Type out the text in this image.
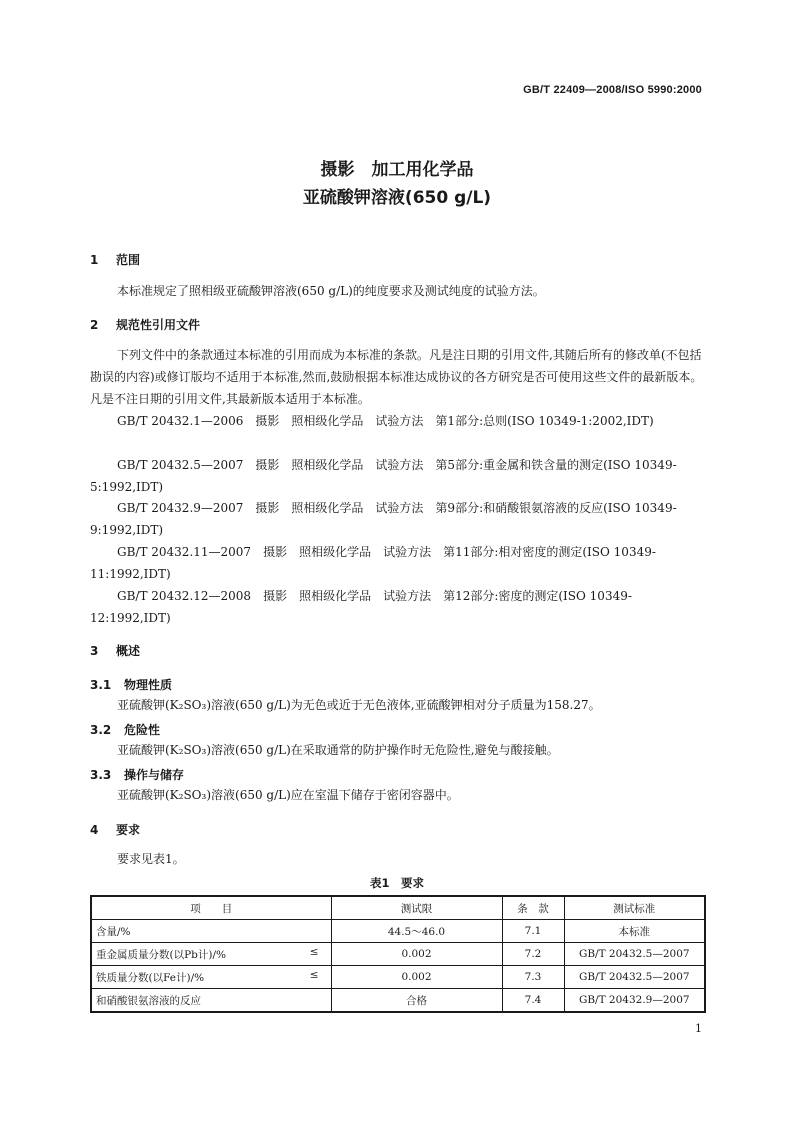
GB/T 22409—2008/ISO 5990:2000
摄影　加工用化学品
亚硫酸钾溶液(650 g/L)
1 范围
本标准规定了照相级亚硫酸钾溶液(650 g/L)的纯度要求及测试纯度的试验方法。
2 规范性引用文件
下列文件中的条款通过本标准的引用而成为本标准的条款。凡是注日期的引用文件,其随后所有的修改单(不包括勘误的内容)或修订版均不适用于本标准,然而,鼓励根据本标准达成协议的各方研究是否可使用这些文件的最新版本。凡是不注日期的引用文件,其最新版本适用于本标准。
GB/T 20432.1—2006　摄影　照相级化学品　试验方法　第1部分:总则(ISO 10349-1:2002,IDT)
GB/T 20432.5—2007　摄影　照相级化学品　试验方法　第5部分:重金属和铁含量的测定(ISO 10349-5:1992,IDT)
GB/T 20432.9—2007　摄影　照相级化学品　试验方法　第9部分:和硝酸银氨溶液的反应(ISO 10349-9:1992,IDT)
GB/T 20432.11—2007　摄影　照相级化学品　试验方法　第11部分:相对密度的测定(ISO 10349-11:1992,IDT)
GB/T 20432.12—2008　摄影　照相级化学品　试验方法　第12部分:密度的测定(ISO 10349-12:1992,IDT)
3 概述
3.1 物理性质
亚硫酸钾(K₂SO₃)溶液(650 g/L)为无色或近于无色液体,亚硫酸钾相对分子质量为158.27。
3.2 危险性
亚硫酸钾(K₂SO₃)溶液(650 g/L)在采取通常的防护操作时无危险性,避免与酸接触。
3.3 操作与储存
亚硫酸钾(K₂SO₃)溶液(650 g/L)应在室温下储存于密闭容器中。
4 要求
要求见表1。
表1　要求
项　　目	测试限	条　款	测试标准
含量/%	44.5～46.0	7.1	本标准
重金属质量分数(以Pb计)/% ≤	0.002	7.2	GB/T 20432.5—2007
铁质量分数(以Fe计)/% ≤	0.002	7.3	GB/T 20432.5—2007
和硝酸银氨溶液的反应	合格	7.4	GB/T 20432.9—2007
1
